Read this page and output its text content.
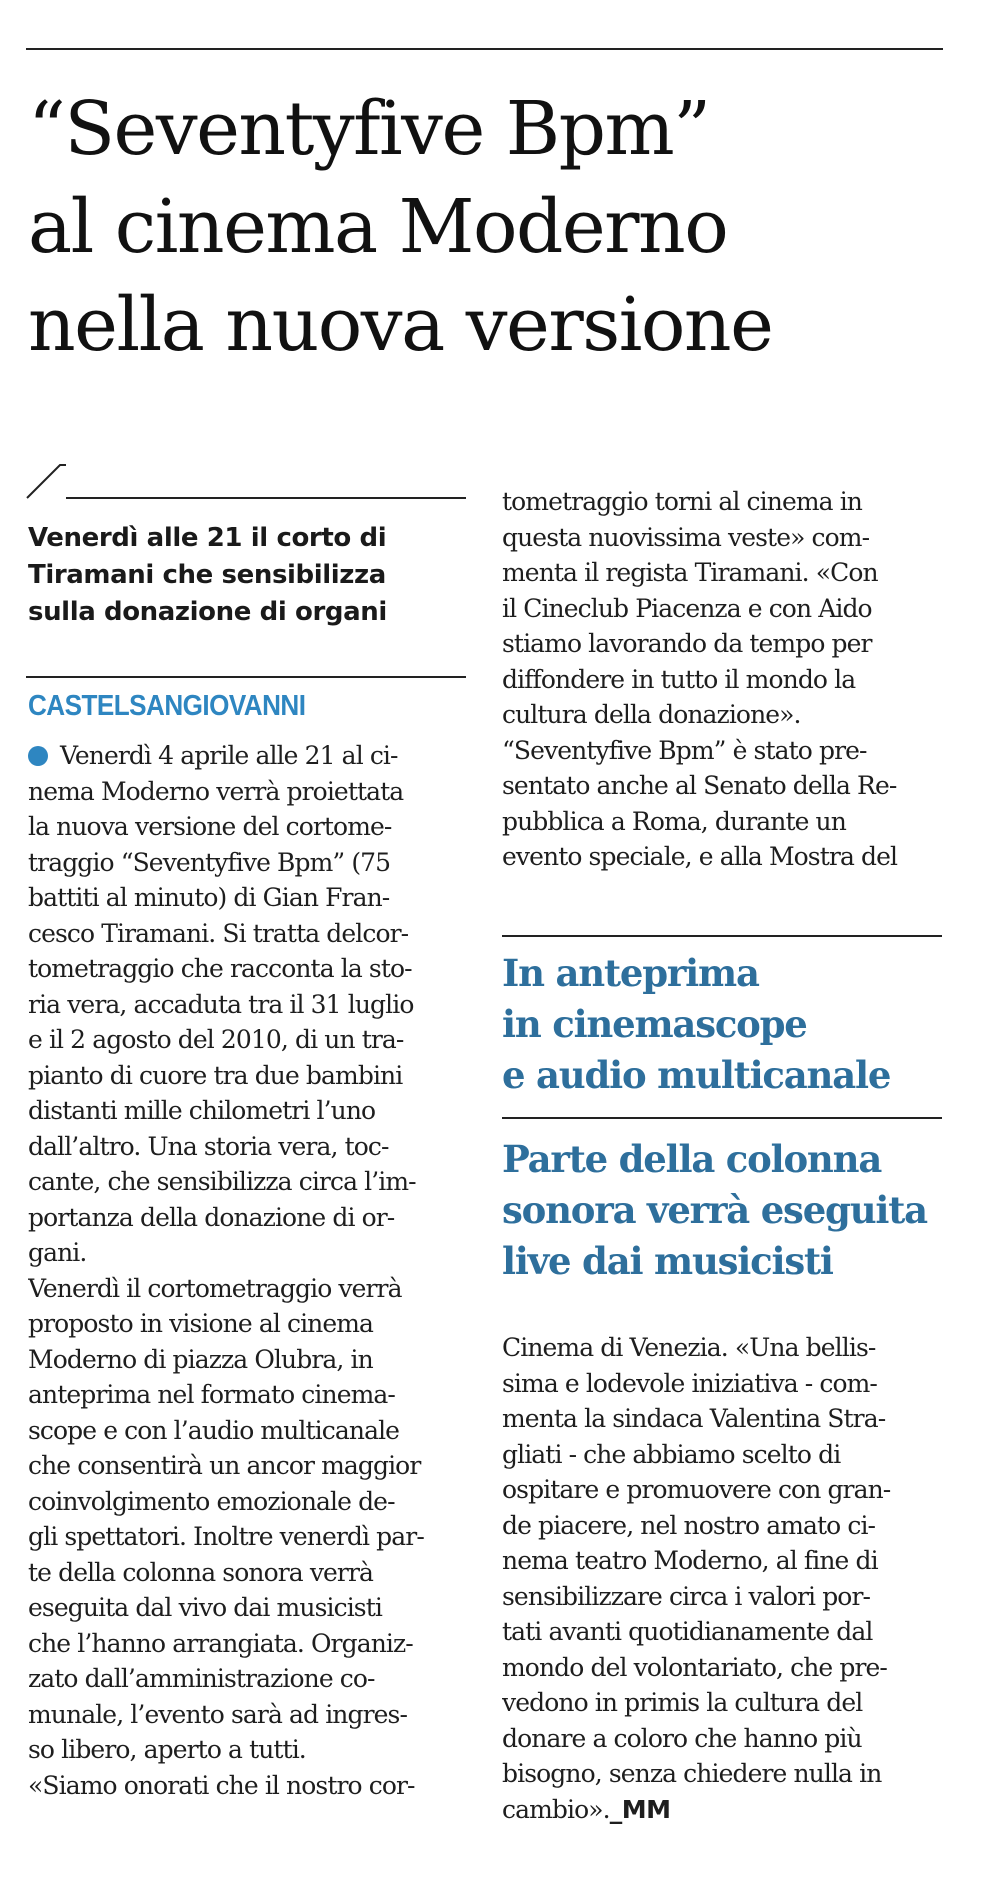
“Seventyfive Bpm”
al cinema Moderno
nella nuova versione
Venerdì alle 21 il corto di
Tiramani che sensibilizza
sulla donazione di organi
CASTELSANGIOVANNI
Venerdì 4 aprile alle 21 al ci-
nema Moderno verrà proiettata
la nuova versione del cortome-
traggio “Seventyfive Bpm” (75
battiti al minuto) di Gian Fran-
cesco Tiramani. Si tratta delcor-
tometraggio che racconta la sto-
ria vera, accaduta tra il 31 luglio
e il 2 agosto del 2010, di un tra-
pianto di cuore tra due bambini
distanti mille chilometri l’uno
dall’altro. Una storia vera, toc-
cante, che sensibilizza circa l’im-
portanza della donazione di or-
gani.
Venerdì il cortometraggio verrà
proposto in visione al cinema
Moderno di piazza Olubra, in
anteprima nel formato cinema-
scope e con l’audio multicanale
che consentirà un ancor maggior
coinvolgimento emozionale de-
gli spettatori. Inoltre venerdì par-
te della colonna sonora verrà
eseguita dal vivo dai musicisti
che l’hanno arrangiata. Organiz-
zato dall’amministrazione co-
munale, l’evento sarà ad ingres-
so libero, aperto a tutti.
«Siamo onorati che il nostro cor-
tometraggio torni al cinema in
questa nuovissima veste» com-
menta il regista Tiramani. «Con
il Cineclub Piacenza e con Aido
stiamo lavorando da tempo per
diffondere in tutto il mondo la
cultura della donazione».
“Seventyfive Bpm” è stato pre-
sentato anche al Senato della Re-
pubblica a Roma, durante un
evento speciale, e alla Mostra del
In anteprima
in cinemascope
e audio multicanale
Parte della colonna
sonora verrà eseguita
live dai musicisti
Cinema di Venezia. «Una bellis-
sima e lodevole iniziativa - com-
menta la sindaca Valentina Stra-
gliati - che abbiamo scelto di
ospitare e promuovere con gran-
de piacere, nel nostro amato ci-
nema teatro Moderno, al fine di
sensibilizzare circa i valori por-
tati avanti quotidianamente dal
mondo del volontariato, che pre-
vedono in primis la cultura del
donare a coloro che hanno più
bisogno, senza chiedere nulla in
cambio»._MM
